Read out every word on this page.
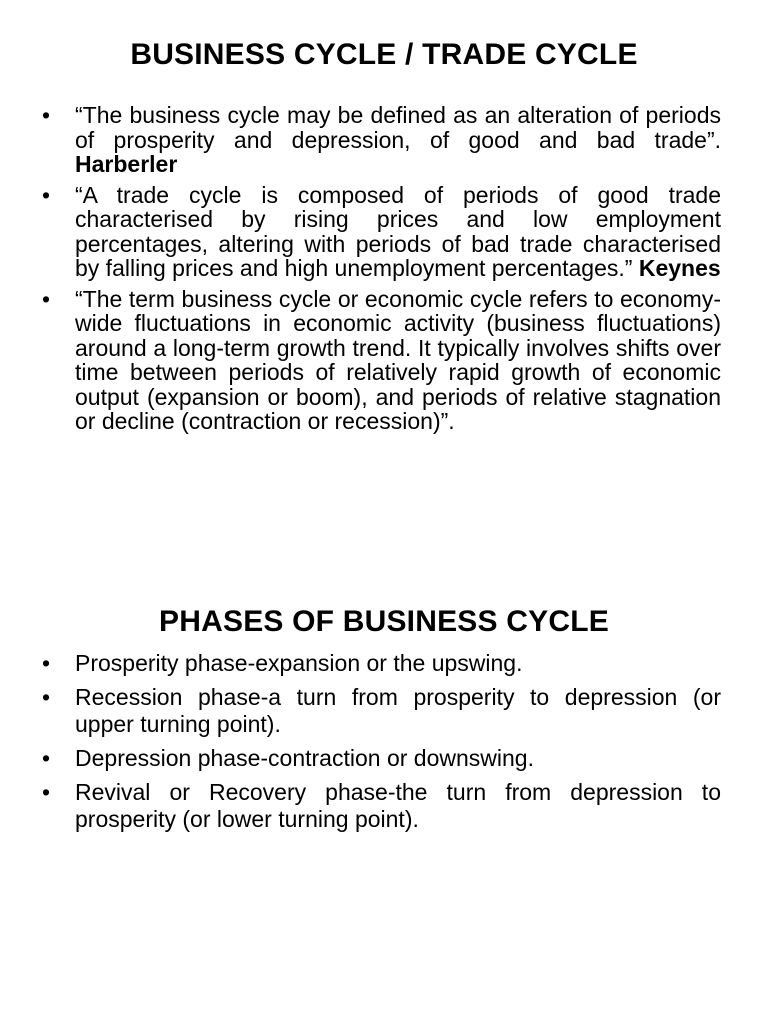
BUSINESS CYCLE / TRADE CYCLE
•	“The business cycle may be defined as an alteration of periods of prosperity and depression, of good and bad trade”. Harberler
•	“A trade cycle is composed of periods of good trade characterised by rising prices and low employment percentages, altering with periods of bad trade characterised by falling prices and high unemployment percentages.” Keynes
•	“The term business cycle or economic cycle refers to economy-wide fluctuations in economic activity (business fluctuations) around a long-term growth trend. It typically involves shifts over time between periods of relatively rapid growth of economic output (expansion or boom), and periods of relative stagnation or decline (contraction or recession)”.
PHASES OF BUSINESS CYCLE
•	Prosperity phase-expansion or the upswing.
•	Recession phase-a turn from prosperity to depression (or upper turning point).
•	Depression phase-contraction or downswing.
•	Revival or Recovery phase-the turn from depression to prosperity (or lower turning point).
